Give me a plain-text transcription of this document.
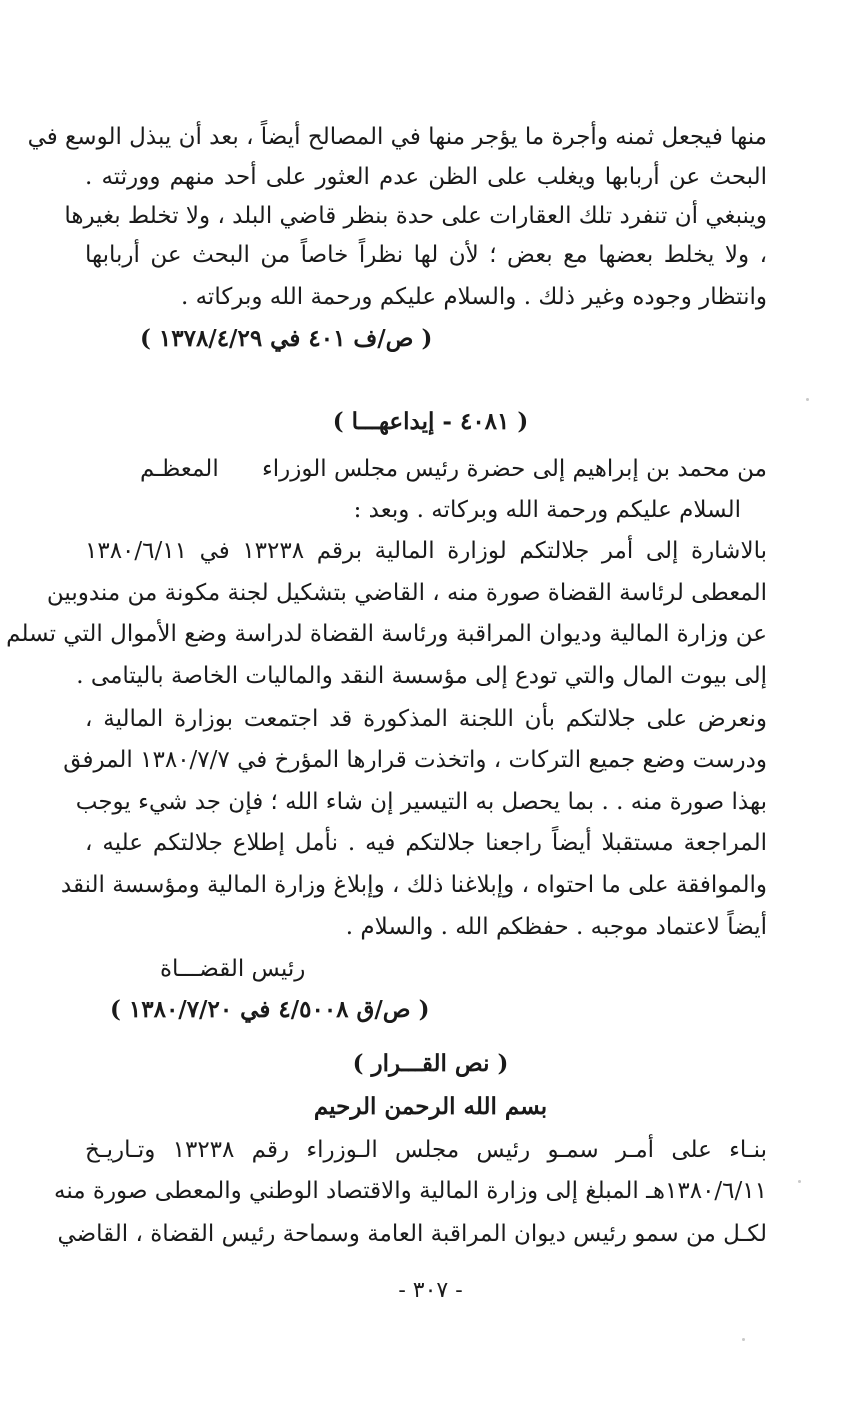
منها فيجعل ثمنه وأجرة ما يؤجر منها في المصالح أيضاً ، بعد أن يبذل الوسع في
البحث عن أربابها ويغلب على الظن عدم العثور على أحد منهم وورثته .
وينبغي أن تنفرد تلك العقارات على حدة بنظر قاضي البلد ، ولا تخلط بغيرها
، ولا يخلط بعضها مع بعض ؛ لأن لها نظراً خاصاً من البحث عن أربابها
وانتظار وجوده وغير ذلك . والسلام عليكم ورحمة الله وبركاته .
( ص/ف ٤٠١ في ١٣٧٨/٤/٢٩ )
( ٤٠٨١ - إيداعهـــا )
من محمد بن إبراهيم إلى حضرة رئيس مجلس الوزراء
المعظـم
السلام عليكم ورحمة الله وبركاته . وبعد :
بالاشارة إلى أمر جلالتكم لوزارة المالية برقم ١٣٢٣٨ في ١٣٨٠/٦/١١
المعطى لرئاسة القضاة صورة منه ، القاضي بتشكيل لجنة مكونة من مندوبين
عن وزارة المالية وديوان المراقبة ورئاسة القضاة لدراسة وضع الأموال التي تسلم
إلى بيوت المال والتي تودع إلى مؤسسة النقد والماليات الخاصة باليتامى .
ونعرض على جلالتكم بأن اللجنة المذكورة قد اجتمعت بوزارة المالية ،
ودرست وضع جميع التركات ، واتخذت قرارها المؤرخ في ١٣٨٠/٧/٧ المرفق
بهذا صورة منه . . بما يحصل به التيسير إن شاء الله ؛ فإن جد شيء يوجب
المراجعة مستقبلا أيضاً راجعنا جلالتكم فيه . نأمل إطلاع جلالتكم عليه ،
والموافقة على ما احتواه ، وإبلاغنا ذلك ، وإبلاغ وزارة المالية ومؤسسة النقد
أيضاً لاعتماد موجبه . حفظكم الله . والسلام .
رئيس القضـــاة
( ص/ق ٤/٥٠٠٨ في ١٣٨٠/٧/٢٠ )
( نص القـــرار )
بسم الله الرحمن الرحيم
بنـاء على أمـر سمـو رئيس مجلس الـوزراء رقم ١٣٢٣٨ وتـاريـخ
١٣٨٠/٦/١١هـ المبلغ إلى وزارة المالية والاقتصاد الوطني والمعطى صورة منه
لكـل من سمو رئيس ديوان المراقبة العامة وسماحة رئيس القضاة ، القاضي
- ٣٠٧ -
